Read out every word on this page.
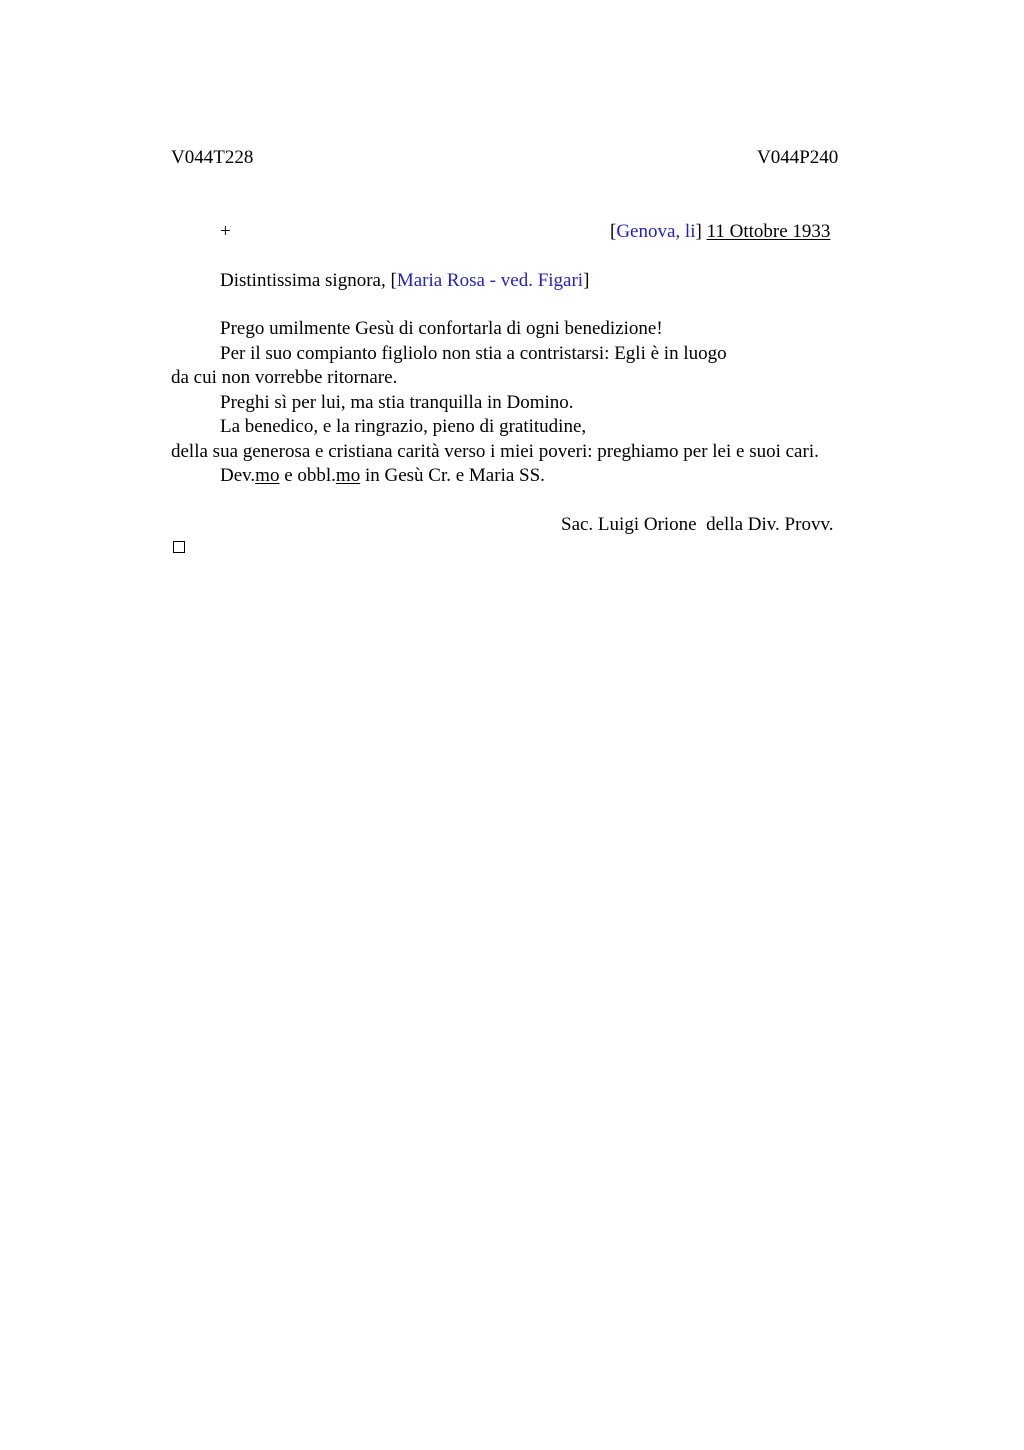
V044T228	V044P240
+	[Genova, li] 11 Ottobre 1933
Distintissima signora, [Maria Rosa - ved. Figari]
Prego umilmente Gesù di confortarla di ogni benedizione!
Per il suo compianto figliolo non stia a contristarsi: Egli è in luogo
da cui non vorrebbe ritornare.
Preghi sì per lui, ma stia tranquilla in Domino.
La benedico, e la ringrazio, pieno di gratitudine,
della sua generosa e cristiana carità verso i miei poveri: preghiamo per lei e suoi cari.
Dev.mo e obbl.mo in Gesù Cr. e Maria SS.
Sac. Luigi Orione  della Div. Provv.
